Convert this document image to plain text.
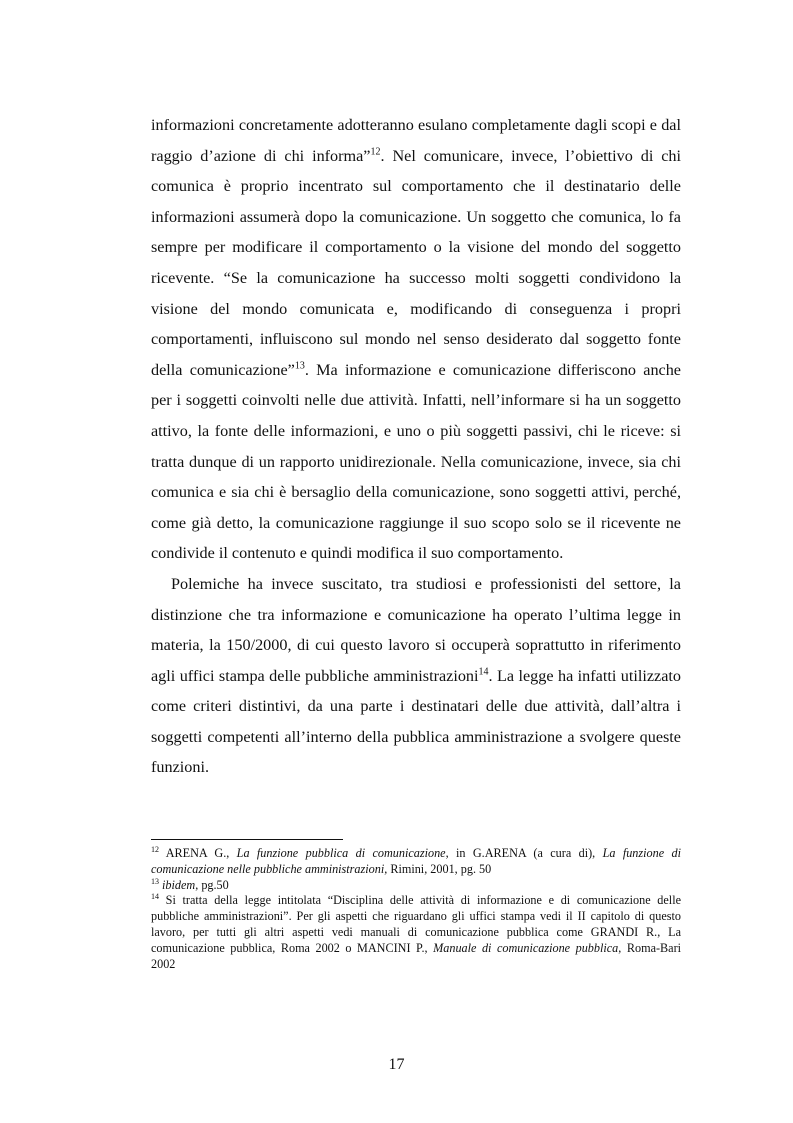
informazioni concretamente adotteranno esulano completamente dagli scopi e dal raggio d’azione di chi informa”$^{12}$. Nel comunicare, invece, l’obiettivo di chi comunica è proprio incentrato sul comportamento che il destinatario delle informazioni assumerà dopo la comunicazione. Un soggetto che comunica, lo fa sempre per modificare il comportamento o la visione del mondo del soggetto ricevente. “Se la comunicazione ha successo molti soggetti condividono la visione del mondo comunicata e, modificando di conseguenza i propri comportamenti, influiscono sul mondo nel senso desiderato dal soggetto fonte della comunicazione”$^{13}$. Ma informazione e comunicazione differiscono anche per i soggetti coinvolti nelle due attività. Infatti, nell’informare si ha un soggetto attivo, la fonte delle informazioni, e uno o più soggetti passivi, chi le riceve: si tratta dunque di un rapporto unidirezionale. Nella comunicazione, invece, sia chi comunica e sia chi è bersaglio della comunicazione, sono soggetti attivi, perché, come già detto, la comunicazione raggiunge il suo scopo solo se il ricevente ne condivide il contenuto e quindi modifica il suo comportamento.

Polemiche ha invece suscitato, tra studiosi e professionisti del settore, la distinzione che tra informazione e comunicazione ha operato l’ultima legge in materia, la 150/2000, di cui questo lavoro si occuperà soprattutto in riferimento agli uffici stampa delle pubbliche amministrazioni$^{14}$. La legge ha infatti utilizzato come criteri distintivi, da una parte i destinatari delle due attività, dall’altra i soggetti competenti all’interno della pubblica amministrazione a svolgere queste funzioni.

$^{12}$ ARENA G., La funzione pubblica di comunicazione, in G.ARENA (a cura di), La funzione di comunicazione nelle pubbliche amministrazioni, Rimini, 2001, pg. 50

$^{13}$ ibidem, pg.50

$^{14}$ Si tratta della legge intitolata “Disciplina delle attività di informazione e di comunicazione delle pubbliche amministrazioni”. Per gli aspetti che riguardano gli uffici stampa vedi il II capitolo di questo lavoro, per tutti gli altri aspetti vedi manuali di comunicazione pubblica come GRANDI R., La comunicazione pubblica, Roma 2002 o MANCINI P., Manuale di comunicazione pubblica, Roma-Bari 2002

17
